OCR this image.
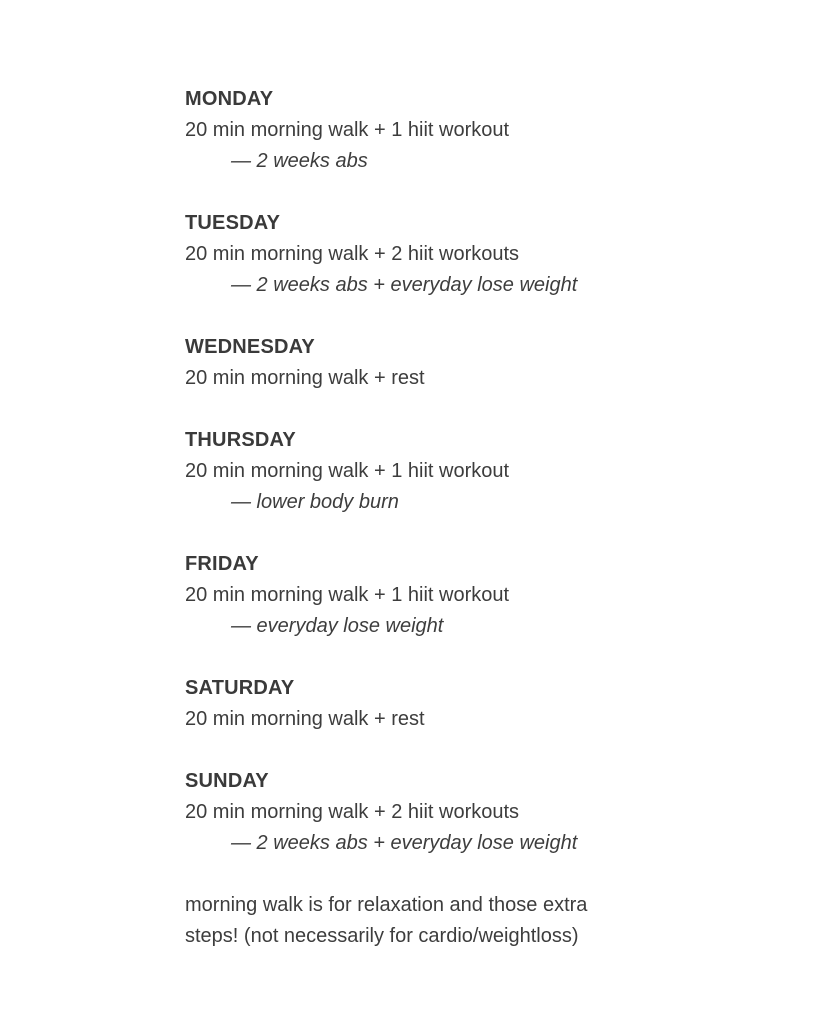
MONDAY
20 min morning walk + 1 hiit workout
— 2 weeks abs
TUESDAY
20 min morning walk + 2 hiit workouts
— 2 weeks abs + everyday lose weight
WEDNESDAY
20 min morning walk + rest
THURSDAY
20 min morning walk + 1 hiit workout
— lower body burn
FRIDAY
20 min morning walk + 1 hiit workout
— everyday lose weight
SATURDAY
20 min morning walk + rest
SUNDAY
20 min morning walk + 2 hiit workouts
— 2 weeks abs + everyday lose weight
morning walk is for relaxation and those extra
steps! (not necessarily for cardio/weightloss)
